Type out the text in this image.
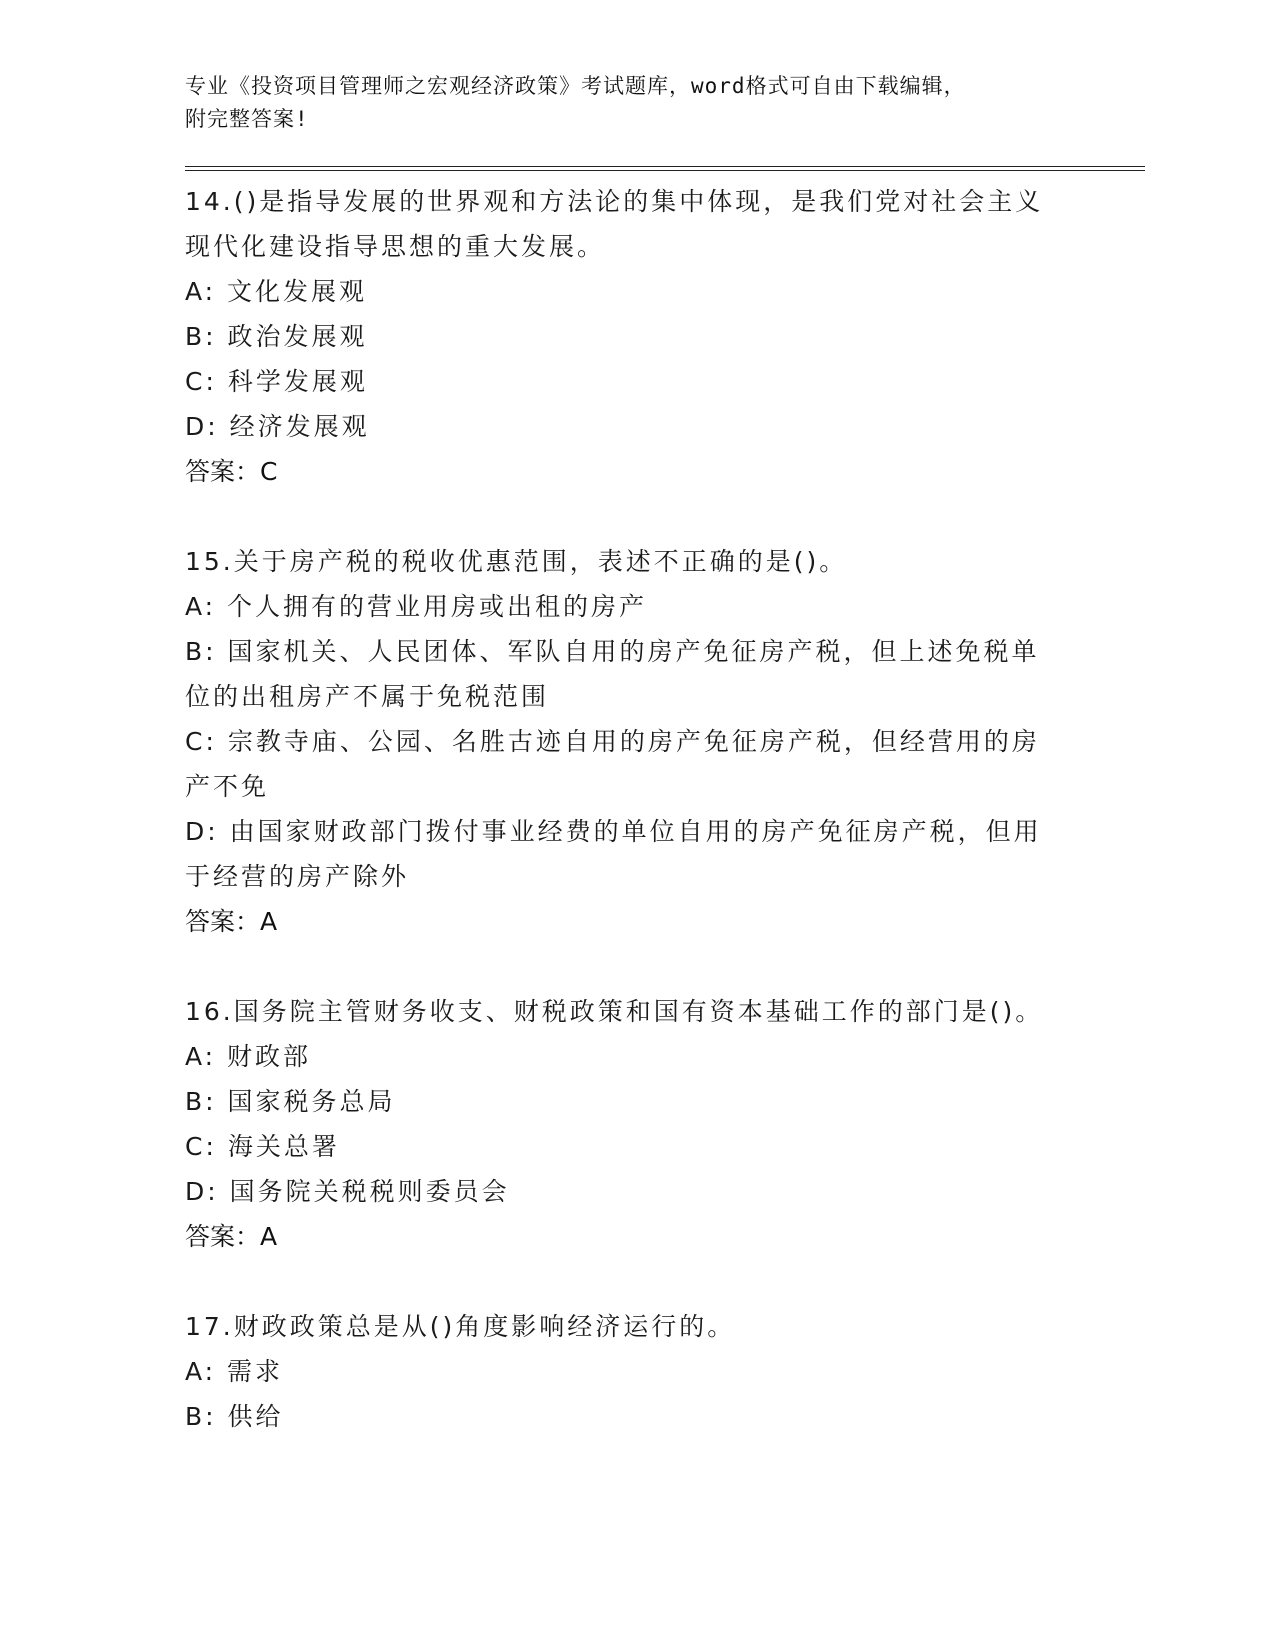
专业《投资项目管理师之宏观经济政策》考试题库，word格式可自由下载编辑，
附完整答案!
14.()是指导发展的世界观和方法论的集中体现，是我们党对社会主义
现代化建设指导思想的重大发展。
A: 文化发展观
B: 政治发展观
C: 科学发展观
D: 经济发展观
答案：C
15.关于房产税的税收优惠范围，表述不正确的是()。
A: 个人拥有的营业用房或出租的房产
B: 国家机关、人民团体、军队自用的房产免征房产税，但上述免税单
位的出租房产不属于免税范围
C: 宗教寺庙、公园、名胜古迹自用的房产免征房产税，但经营用的房
产不免
D: 由国家财政部门拨付事业经费的单位自用的房产免征房产税，但用
于经营的房产除外
答案：A
16.国务院主管财务收支、财税政策和国有资本基础工作的部门是()。
A: 财政部
B: 国家税务总局
C: 海关总署
D: 国务院关税税则委员会
答案：A
17.财政政策总是从()角度影响经济运行的。
A: 需求
B: 供给
